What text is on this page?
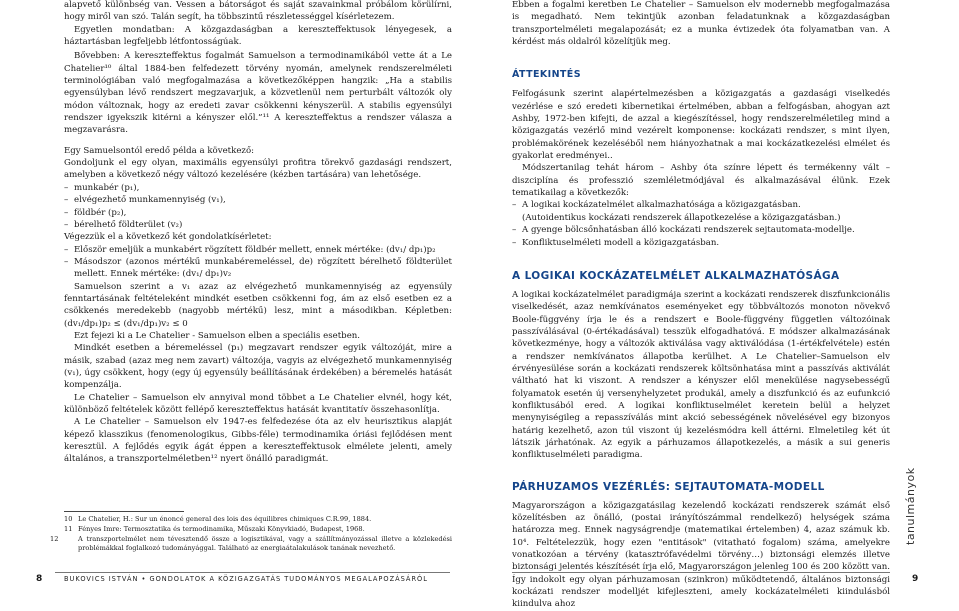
alapvető különbség van. Vessen a bátorságot és saját szavainkmal próbálom körülírni, hogy miről van szó. Talán segít, ha többszintű részletességgel kísérletezem.

Egyetlen mondatban: A közgazdaságban a kereszteffektusok lényegesek, a háztartásban legfeljebb létfontosságúak.

Bővebben: A kereszteffektus fogalmát Samuelson a termodinamikából vette át a Le Chatelier¹⁰ által 1884-ben felfedezett törvény nyomán, amelynek rendszerelméleti terminológiában való megfogalmazása a következőképpen hangzik: „Ha a stabilis egyensúlyban lévő rendszert megzavarjuk, a közvetlenül nem perturbált változók oly módon változnak, hogy az eredeti zavar csökkenni kényszerül. A stabilis egyensúlyi rendszer igyekszik kitérni a kényszer elől.”¹¹ A kereszteffektus a rendszer válasza a megzavarásra.

Egy Samuelsontól eredő példa a következő:

Gondoljunk el egy olyan, maximális egyensúlyi profitra törekvő gazdasági rendszert, amelyben a következő négy változó kezelésére (kézben tartására) van lehetősége.

– munkabér (p₁),

– elvégezhető munkamennyiség (v₁),

– földbér (p₂),

– bérelhető földterület (v₂)

Végezzük el a következő két gondolatkísérletet:

– Először emeljük a munkabért rögzített földbér mellett, ennek mértéke: (dv₁/ dp₁)p₂

– Másodszor (azonos mértékű munkabéremeléssel, de) rögzített bérelhető földterület mellett. Ennek mértéke: (dv₁/ dp₁)v₂

Samuelson szerint a v₁ azaz az elvégezhető munkamennyiség az egyensúly fenntartásának feltételeként mindkét esetben csökkenni fog, ám az első esetben ez a csökkenés meredekebb (nagyobb mértékű) lesz, mint a másodikban. Képletben: (dv₁/dp₁)p₂ ≤ (dv₁/dp₁)v₂ ≤ 0

Ezt fejezi ki a Le Chatelier - Samuelson elben a speciális esetben.

Mindkét esetben a béremeléssel (p₁) megzavart rendszer egyik változóját, mire a másik, szabad (azaz meg nem zavart) változója, vagyis az elvégezhető munkamennyiség (v₁), úgy csökkent, hogy (egy új egyensúly beállításának érdekében) a béremelés hatását kompenzálja.

Le Chatelier – Samuelson elv annyival mond többet a Le Chatelier elvnél, hogy két, különböző feltételek között fellépő kereszteffektus hatását kvantitatív összehasonlítja.

A Le Chatelier – Samuelson elv 1947-es felfedezése óta az elv heurisztikus alapját képező klasszikus (fenomenologikus, Gibbs-féle) termodinamika óriási fejlődésen ment keresztül. A fejlődés egyik ágát éppen a kereszteffektusok elmélete jelenti, amely általános, a transzportelméletben¹² nyert önálló paradigmát.

10 Le Chatelier, H.: Sur un énoncé general des lois des équilibres chimiques C.R.99, 1884.

11 Fényes Imre: Termosztatika és termodinamika, Műszaki Könyvkiadó, Budapest, 1968.

12	A transzportelmélet nem tévesztendő össze a logisztikával, vagy a szállítmányozással illetve a közlekedési problémákkal foglalkozó tudományággal. Található az energiaátalakulások tanának nevezhető.

Ebben a fogalmi keretben Le Chatelier – Samuelson elv modernebb megfogalmazása is megadható. Nem tekintjük azonban feladatunknak a közgazdaságban transzportelméleti megalapozását; ez a munka évtizedek óta folyamatban van. A kérdést más oldalról közelítjük meg.

ÁTTEKINTÉS

Felfogásunk szerint alapértelmezésben a közigazgatás a gazdasági viselkedés vezérlése e szó eredeti kibernetikai értelmében, abban a felfogásban, ahogyan azt Ashby, 1972-ben kifejti, de azzal a kiegészítéssel, hogy rendszerelméletileg mind a közigazgatás vezérlő mind vezérelt komponense: kockázati rendszer, s mint ilyen, problémakörének kezeléséből nem hiányozhatnak a mai kockázatkezelési elmélet és gyakorlat eredményei..

Módszertanilag tehát három – Ashby óta színre lépett és termékenny vált – diszciplína és professzió szemléletmódjával és alkalmazásával élünk. Ezek tematikailag a következők:

– A logikai kockázatelmélet alkalmazhatósága a közigazgatásban.

(Autoidentikus kockázati rendszerek állapotkezelése a közigazgatásban.)

– A gyenge bölcsőnhatásban álló kockázati rendszerek sejtautomata-modellje.

– Konfliktuselméleti modell a közigazgatásban.

A LOGIKAI KOCKÁZATELMÉLET ALKALMAZHATÓSÁGA

A logikai kockázatelmélet paradigmája szerint a kockázati rendszerek diszfunkcionális viselkedését, azaz nemkívánatos eseményeket egy többváltozós monoton növekvő Boole-függvény írja le és a rendszert e Boole-függvény független változóinak passzíválásával (0-értékadásával) tesszük elfogadhatóvá. E módszer alkalmazásának következménye, hogy a változók aktiválása vagy aktiválódása (1-értékfelvétele) estén a rendszer nemkívánatos állapotba kerülhet. A Le Chatelier–Samuelson elv érvényesülése során a kockázati rendszerek költsönhatása mint a passzívás aktiválát váltható hat ki viszont. A rendszer a kényszer elől menekülése nagysebességű folyamatok esetén új versenyhelyzetet produkál, amely a diszfunkció és az eufunkció konfliktusából ered. A logikai konfliktuselmélet keretein belül a helyzet menynyiségileg a repasszíválás mint akció sebességének növelésével egy bizonyos határig kezelhető, azon túl viszont új kezelésmódra kell áttérni. Elmeletileg két út látszik járhatónak. Az egyik a párhuzamos állapotkezelés, a másik a sui generis konfliktuselméleti paradigma.

PÁRHUZAMOS VEZÉRLÉS: SEJTAUTOMATA-MODELL

Magyarországon a közigazgatásilag kezelendő kockázati rendszerek számát első közelítésben az önálló, (postai irányítószámmal rendelkező) helységek száma határozza meg. Ennek nagyságrendje (matematikai értelemben) 4, azaz számuk kb. 10⁴. Feltételezzük, hogy ezen "entitások" (vitatható fogalom) száma, amelyekre vonatkozóan a térvény (katasztrófavédelmi törvény…) biztonsági elemzés illetve biztonsági jelentés készítését írja elő, Magyarországon jelenleg 100 és 200 között van. Így indokolt egy olyan párhuzamosan (szinkron) működtetendő, általános biztonsági kockázati rendszer modelljét kifejleszteni, amely kockázatelméleti kiindulásból kiindulva ahoz

tanulmányok
8	BUKOVICS ISTVÁN • GONDOLATOK A KÖZIGAZGATÁS TUDOMÁNYOS MEGALAPOZÁSÁRÓL	9
